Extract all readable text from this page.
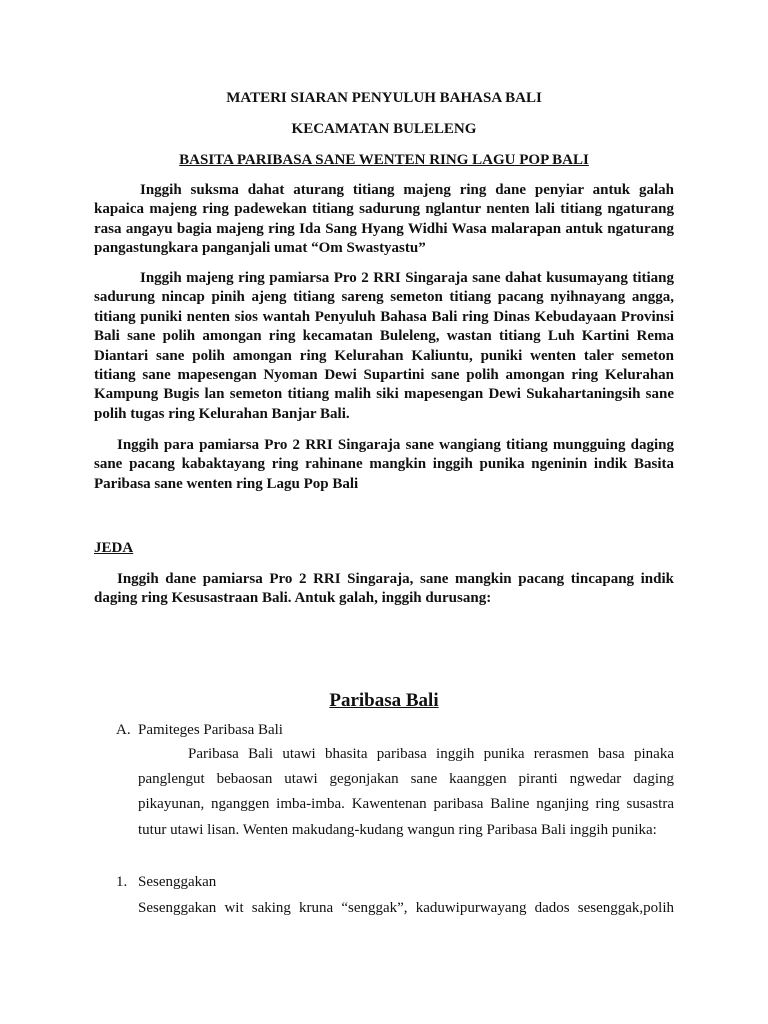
MATERI SIARAN PENYULUH BAHASA BALI
KECAMATAN BULELENG
BASITA PARIBASA SANE WENTEN RING LAGU POP BALI

Inggih suksma dahat aturang titiang majeng ring dane penyiar antuk galah kapaica majeng ring padewekan titiang sadurung nglantur nenten lali titiang ngaturang rasa angayu bagia majeng ring Ida Sang Hyang Widhi Wasa malarapan antuk ngaturang pangastungkara panganjali umat “Om Swastyastu”

Inggih majeng ring pamiarsa Pro 2 RRI Singaraja sane dahat kusumayang titiang sadurung nincap pinih ajeng titiang sareng semeton titiang pacang nyihnayang angga, titiang puniki nenten sios wantah Penyuluh Bahasa Bali ring Dinas Kebudayaan Provinsi Bali sane polih amongan ring kecamatan Buleleng, wastan titiang Luh Kartini Rema Diantari sane polih amongan ring Kelurahan Kaliuntu, puniki wenten taler semeton titiang sane mapesengan Nyoman Dewi Supartini sane polih amongan ring Kelurahan Kampung Bugis lan semeton titiang malih siki mapesengan Dewi Sukahartaningsih sane polih tugas ring Kelurahan Banjar Bali.

Inggih para pamiarsa Pro 2 RRI Singaraja sane wangiang titiang mungguing daging sane pacang kabaktayang ring rahinane mangkin inggih punika ngeninin indik Basita Paribasa sane wenten ring Lagu Pop Bali

JEDA

Inggih dane pamiarsa Pro 2 RRI Singaraja, sane mangkin pacang tincapang indik daging ring Kesusastraan Bali. Antuk galah, inggih durusang:

Paribasa Bali
A. Pamiteges Paribasa Bali

Paribasa Bali utawi bhasita paribasa inggih punika rerasmen basa pinaka panglengut bebaosan utawi gegonjakan sane kaanggen piranti ngwedar daging pikayunan, nganggen imba-imba. Kawentenan paribasa Baline nganjing ring susastra tutur utawi lisan. Wenten makudang-kudang wangun ring Paribasa Bali inggih punika:

1. Sesenggakan
Sesenggakan wit saking kruna “senggak”, kaduwipurwayang dados sesenggak,polih
